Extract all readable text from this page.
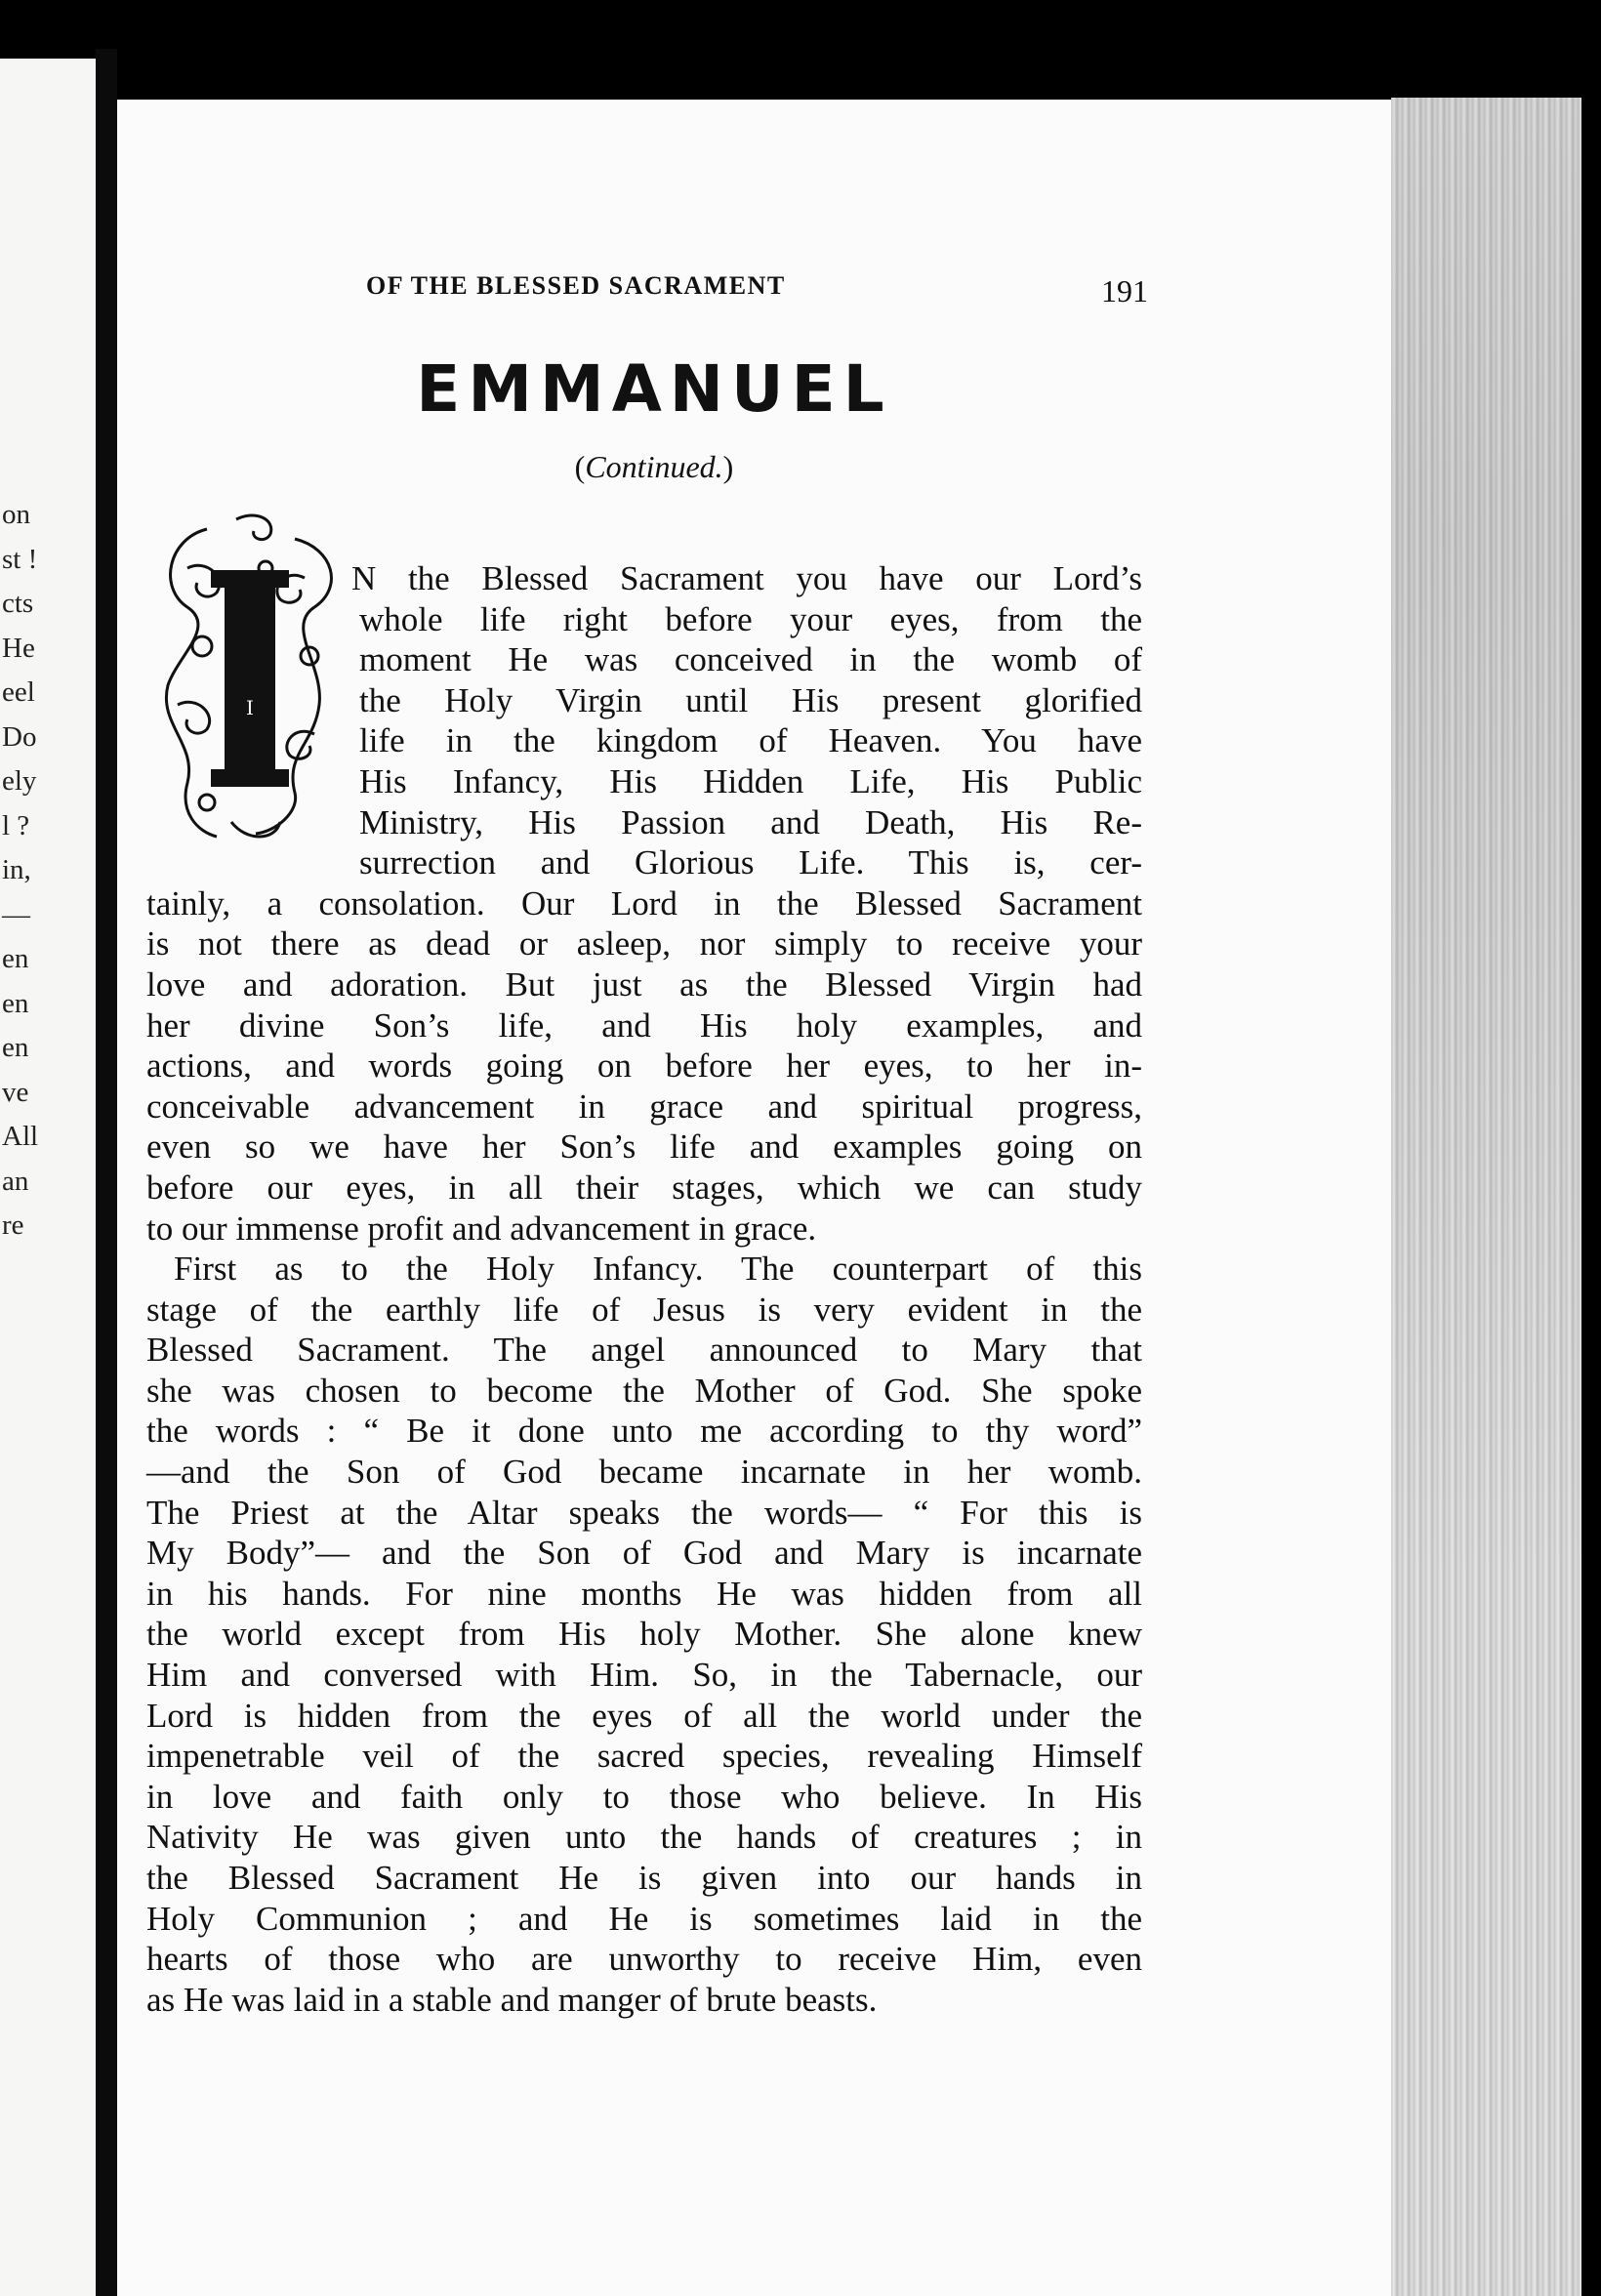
on
st !
cts
He
eel
Do
ely
l ?
in,
—
en
en
en
ve
All
an
re
OF THE BLESSED SACRAMENT	191
EMMANUEL
(Continued.)
I
N the Blessed Sacrament you have our Lord’s
whole life right before your eyes, from the
moment He was conceived in the womb of
the Holy Virgin until His present glorified
life in the kingdom of Heaven. You have
His Infancy, His Hidden Life, His Public
Ministry, His Passion and Death, His Re-
surrection and Glorious Life. This is, cer-
tainly, a consolation. Our Lord in the Blessed Sacrament
is not there as dead or asleep, nor simply to receive your
love and adoration. But just as the Blessed Virgin had
her divine Son’s life, and His holy examples, and
actions, and words going on before her eyes, to her in-
conceivable advancement in grace and spiritual progress,
even so we have her Son’s life and examples going on
before our eyes, in all their stages, which we can study
to our immense profit and advancement in grace.
First as to the Holy Infancy. The counterpart of this
stage of the earthly life of Jesus is very evident in the
Blessed Sacrament. The angel announced to Mary that
she was chosen to become the Mother of God. She spoke
the words : “ Be it done unto me according to thy word”
—and the Son of God became incarnate in her womb.
The Priest at the Altar speaks the words— “ For this is
My Body”— and the Son of God and Mary is incarnate
in his hands. For nine months He was hidden from all
the world except from His holy Mother. She alone knew
Him and conversed with Him. So, in the Tabernacle, our
Lord is hidden from the eyes of all the world under the
impenetrable veil of the sacred species, revealing Himself
in love and faith only to those who believe. In His
Nativity He was given unto the hands of creatures ; in
the Blessed Sacrament He is given into our hands in
Holy Communion ; and He is sometimes laid in the
hearts of those who are unworthy to receive Him, even
as He was laid in a stable and manger of brute beasts.
